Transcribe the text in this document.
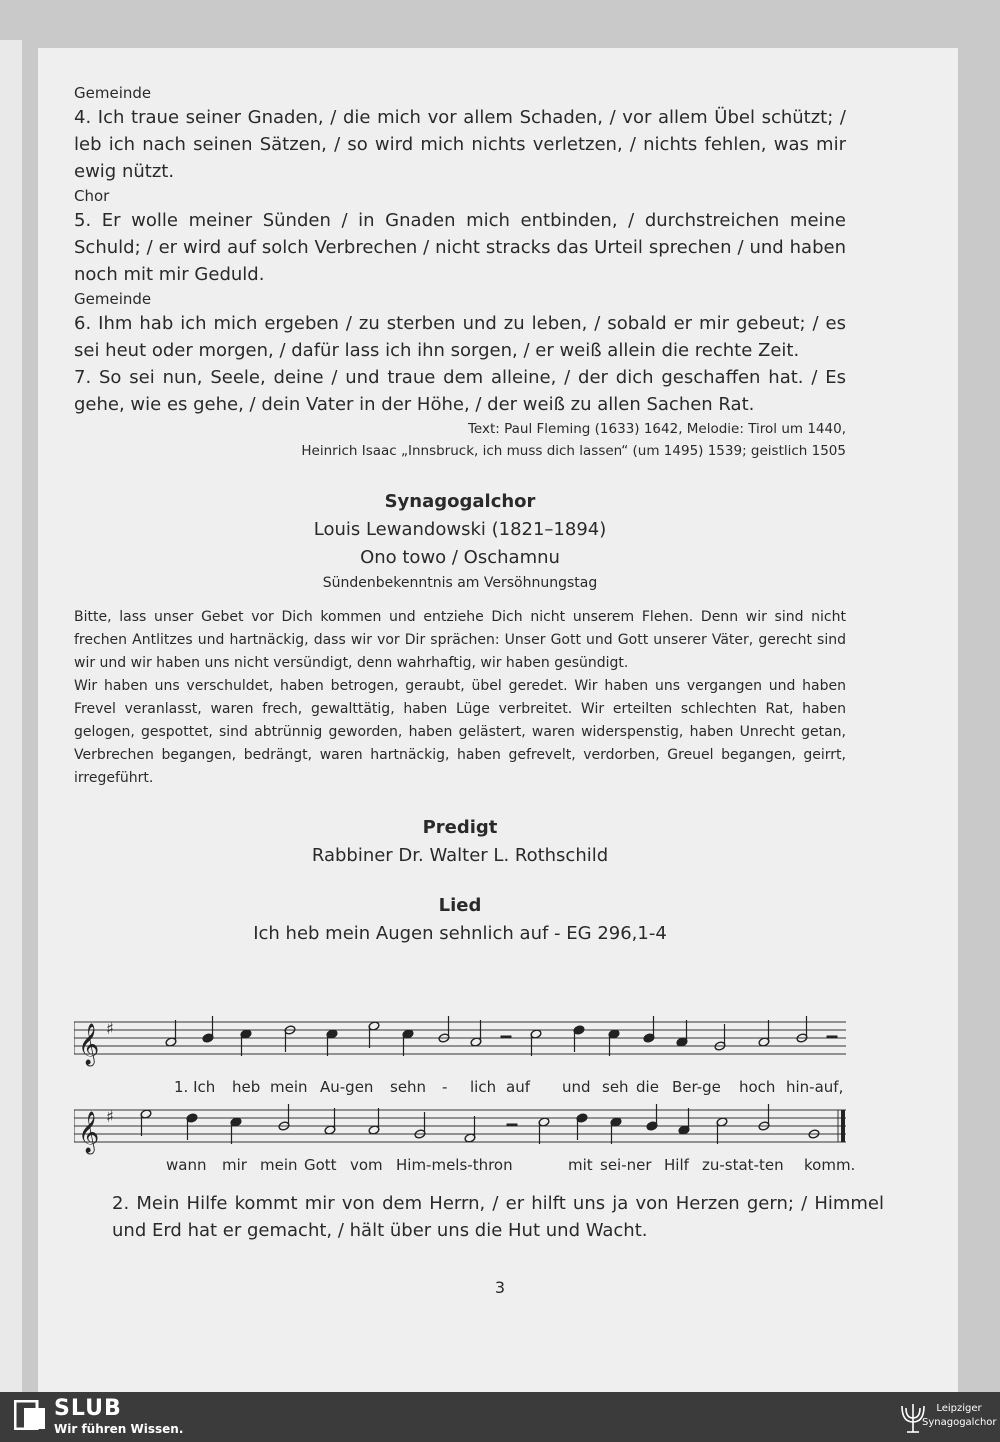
Gemeinde

4. Ich traue seiner Gnaden, / die mich vor allem Schaden, / vor allem Übel schützt; / leb ich nach seinen Sätzen, / so wird mich nichts verletzen, / nichts fehlen, was mir ewig nützt.

Chor

5. Er wolle meiner Sünden / in Gnaden mich entbinden, / durchstreichen meine Schuld; / er wird auf solch Verbrechen / nicht stracks das Urteil sprechen / und haben noch mit mir Geduld.

Gemeinde

6. Ihm hab ich mich ergeben / zu sterben und zu leben, / sobald er mir gebeut; / es sei heut oder morgen, / dafür lass ich ihn sorgen, / er weiß allein die rechte Zeit.

7. So sei nun, Seele, deine / und traue dem alleine, / der dich geschaffen hat. / Es gehe, wie es gehe, / dein Vater in der Höhe, / der weiß zu allen Sachen Rat.

Text: Paul Fleming (1633) 1642, Melodie: Tirol um 1440,

Heinrich Isaac „Innsbruck, ich muss dich lassen“ (um 1495) 1539; geistlich 1505

Synagogalchor

Louis Lewandowski (1821–1894)

Ono towo / Oschamnu

Sündenbekenntnis am Versöhnungstag

Bitte, lass unser Gebet vor Dich kommen und entziehe Dich nicht unserem Flehen. Denn wir sind nicht frechen Antlitzes und hartnäckig, dass wir vor Dir sprächen: Unser Gott und Gott unserer Väter, gerecht sind wir und wir haben uns nicht versündigt, denn wahrhaftig, wir haben gesündigt.

Wir haben uns verschuldet, haben betrogen, geraubt, übel geredet. Wir haben uns vergangen und haben Frevel veranlasst, waren frech, gewalttätig, haben Lüge verbreitet. Wir erteilten schlechten Rat, haben gelogen, gespottet, sind abtrünnig geworden, haben gelästert, waren widerspenstig, haben Unrecht getan, Verbrechen begangen, bedrängt, waren hartnäckig, haben gefrevelt, verdorben, Greuel begangen, geirrt, irregeführt.

Predigt

Rabbiner Dr. Walter L. Rothschild

Lied

Ich heb mein Augen sehnlich auf - EG 296,1-4

𝄞 ♯
1. Ich heb mein Au-gen sehn - lich auf und seh die Ber-ge hoch hin-auf,
𝄞 ♯
wann mir mein Gott vom Him-mels-thron	mit sei-ner Hilf zu-stat-ten komm.

2. Mein Hilfe kommt mir von dem Herrn, / er hilft uns ja von Herzen gern; / Himmel und Erd hat er gemacht, / hält über uns die Hut und Wacht.

3
SLUB
Wir führen Wissen.
Leipziger
Synagogalchor
